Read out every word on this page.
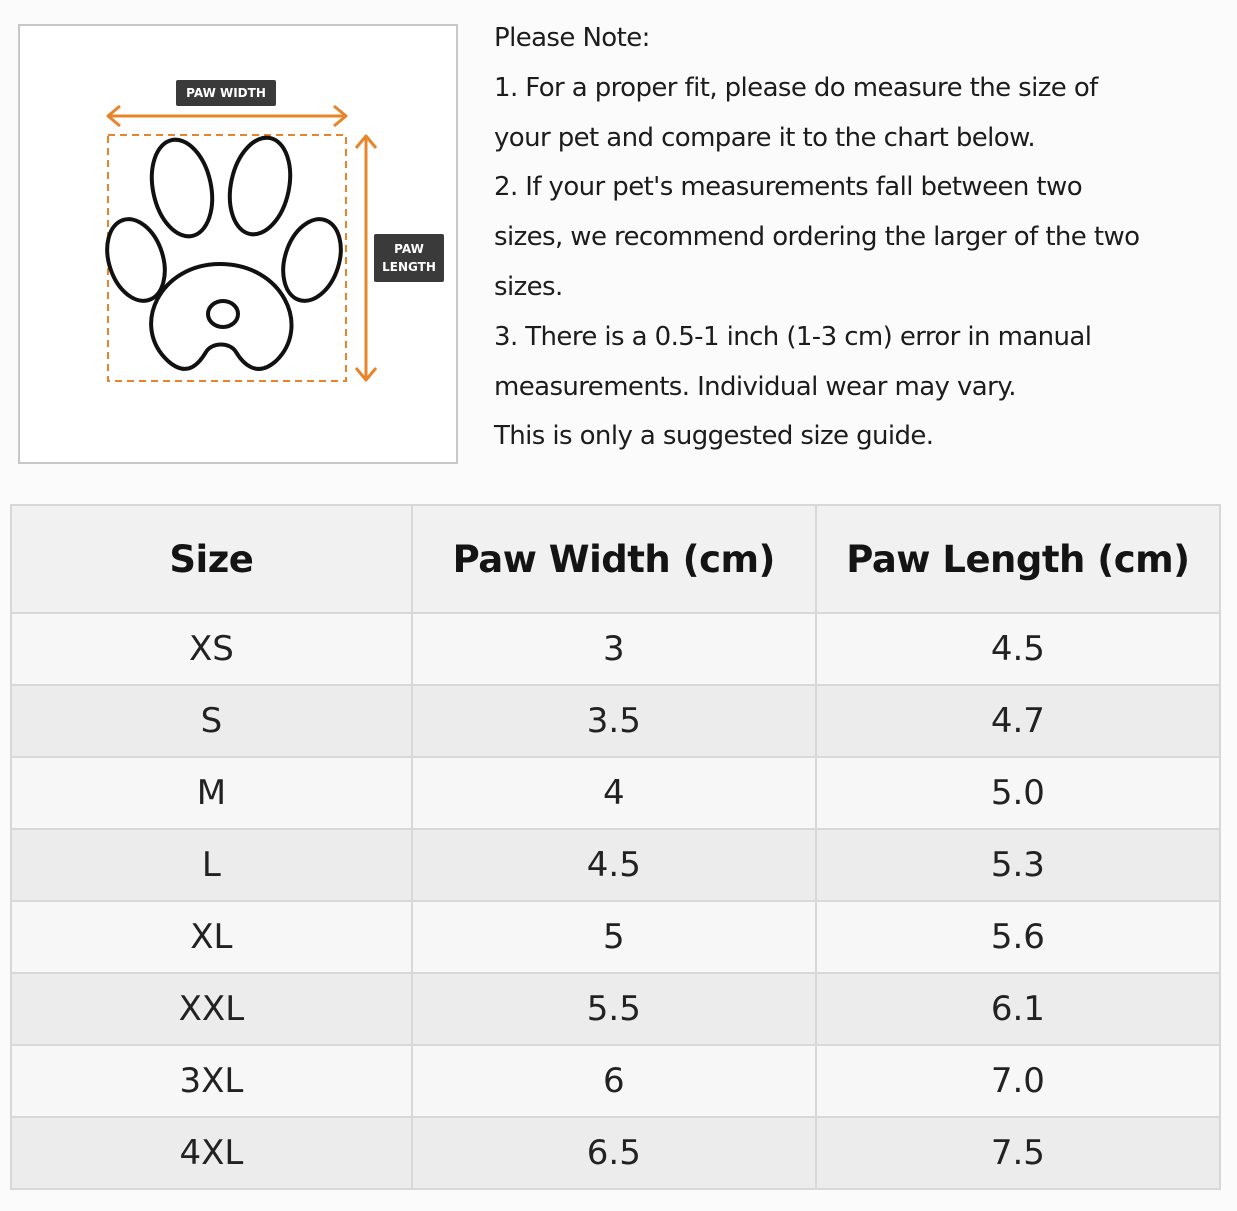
PAW WIDTH
PAW
LENGTH

Please Note:

1. For a proper fit, please do measure the size of

your pet and compare it to the chart below.

2. If your pet's measurements fall between two

sizes, we recommend ordering the larger of the two

sizes.

3. There is a 0.5-1 inch (1-3 cm) error in manual

measurements. Individual wear may vary.

This is only a suggested size guide.

Size	Paw Width (cm)	Paw Length (cm)
XS	3	4.5
S	3.5	4.7
M	4	5.0
L	4.5	5.3
XL	5	5.6
XXL	5.5	6.1
3XL	6	7.0
4XL	6.5	7.5
